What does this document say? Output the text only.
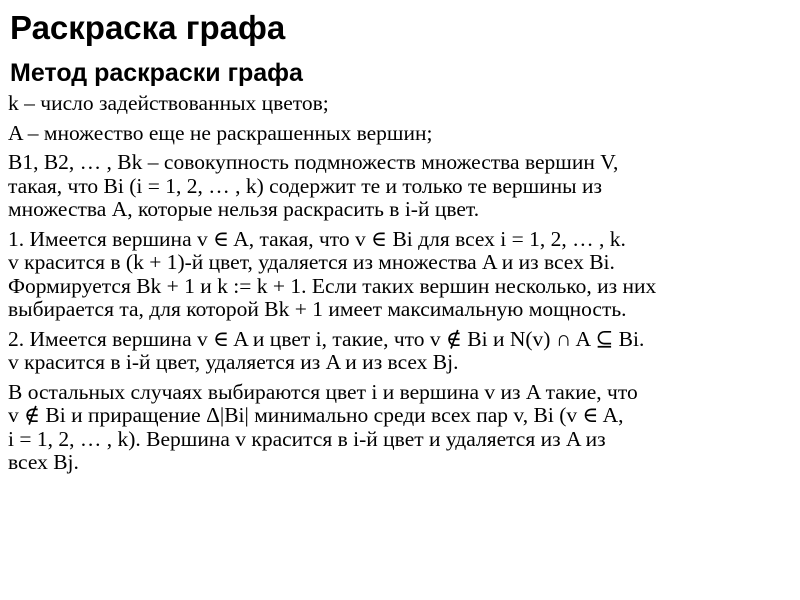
Раскраска графа
Метод раскраски графа
k – число задействованных цветов;
A – множество еще не раскрашенных вершин;
B1, B2, … , Bk – совокупность подмножеств множества вершин V,
такая, что Bi (i = 1, 2, … , k) содержит те и только те вершины из
множества A, которые нельзя раскрасить в i-й цвет.
1. Имеется вершина v ∈ A, такая, что v ∈ Bi для всех i = 1, 2, … , k.
v красится в (k + 1)-й цвет, удаляется из множества A и из всех Bi.
Формируется Bk + 1 и k := k + 1. Если таких вершин несколько, из них
выбирается та, для которой Bk + 1 имеет максимальную мощность.
2. Имеется вершина v ∈ A и цвет i, такие, что v ∉ Bi и N(v) ∩ A ⊆ Bi.
v красится в i-й цвет, удаляется из A и из всех Bj.
В остальных случаях выбираются цвет i и вершина v из A такие, что
v ∉ Bi и приращение Δ|Bi| минимально среди всех пар v, Bi (v ∈ A,
i = 1, 2, … , k). Вершина v красится в i-й цвет и удаляется из A из
всех Bj.
